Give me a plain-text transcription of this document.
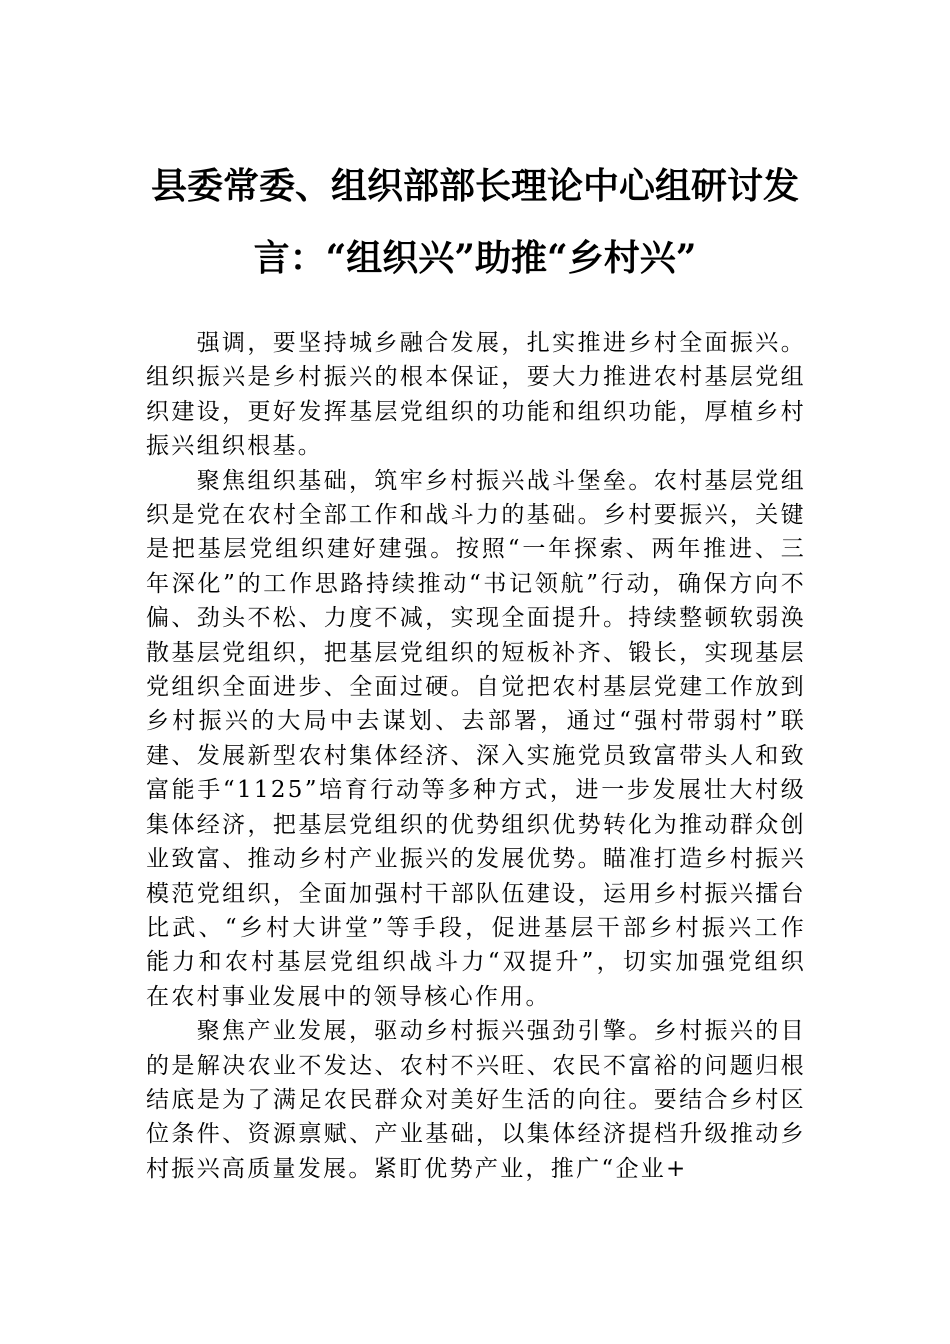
县委常委、组织部部长理论中心组研讨发
言：“组织兴”助推“乡村兴”

强调，要坚持城乡融合发展，扎实推进乡村全面振兴。组织振兴是乡村振兴的根本保证，要大力推进农村基层党组织建设，更好发挥基层党组织的功能和组织功能，厚植乡村振兴组织根基。

聚焦组织基础，筑牢乡村振兴战斗堡垒。农村基层党组织是党在农村全部工作和战斗力的基础。乡村要振兴，关键是把基层党组织建好建强。按照“一年探索、两年推进、三年深化”的工作思路持续推动“书记领航”行动，确保方向不偏、劲头不松、力度不减，实现全面提升。持续整顿软弱涣散基层党组织，把基层党组织的短板补齐、锻长，实现基层党组织全面进步、全面过硬。自觉把农村基层党建工作放到乡村振兴的大局中去谋划、去部署，通过“强村带弱村”联建、发展新型农村集体经济、深入实施党员致富带头人和致富能手“1125”培育行动等多种方式，进一步发展壮大村级集体经济，把基层党组织的优势组织优势转化为推动群众创业致富、推动乡村产业振兴的发展优势。瞄准打造乡村振兴模范党组织，全面加强村干部队伍建设，运用乡村振兴擂台比武、“乡村大讲堂”等手段，促进基层干部乡村振兴工作能力和农村基层党组织战斗力“双提升”，切实加强党组织在农村事业发展中的领导核心作用。

聚焦产业发展，驱动乡村振兴强劲引擎。乡村振兴的目的是解决农业不发达、农村不兴旺、农民不富裕的问题归根结底是为了满足农民群众对美好生活的向往。要结合乡村区位条件、资源禀赋、产业基础，以集体经济提档升级推动乡村振兴高质量发展。紧盯优势产业，推广“企业+
